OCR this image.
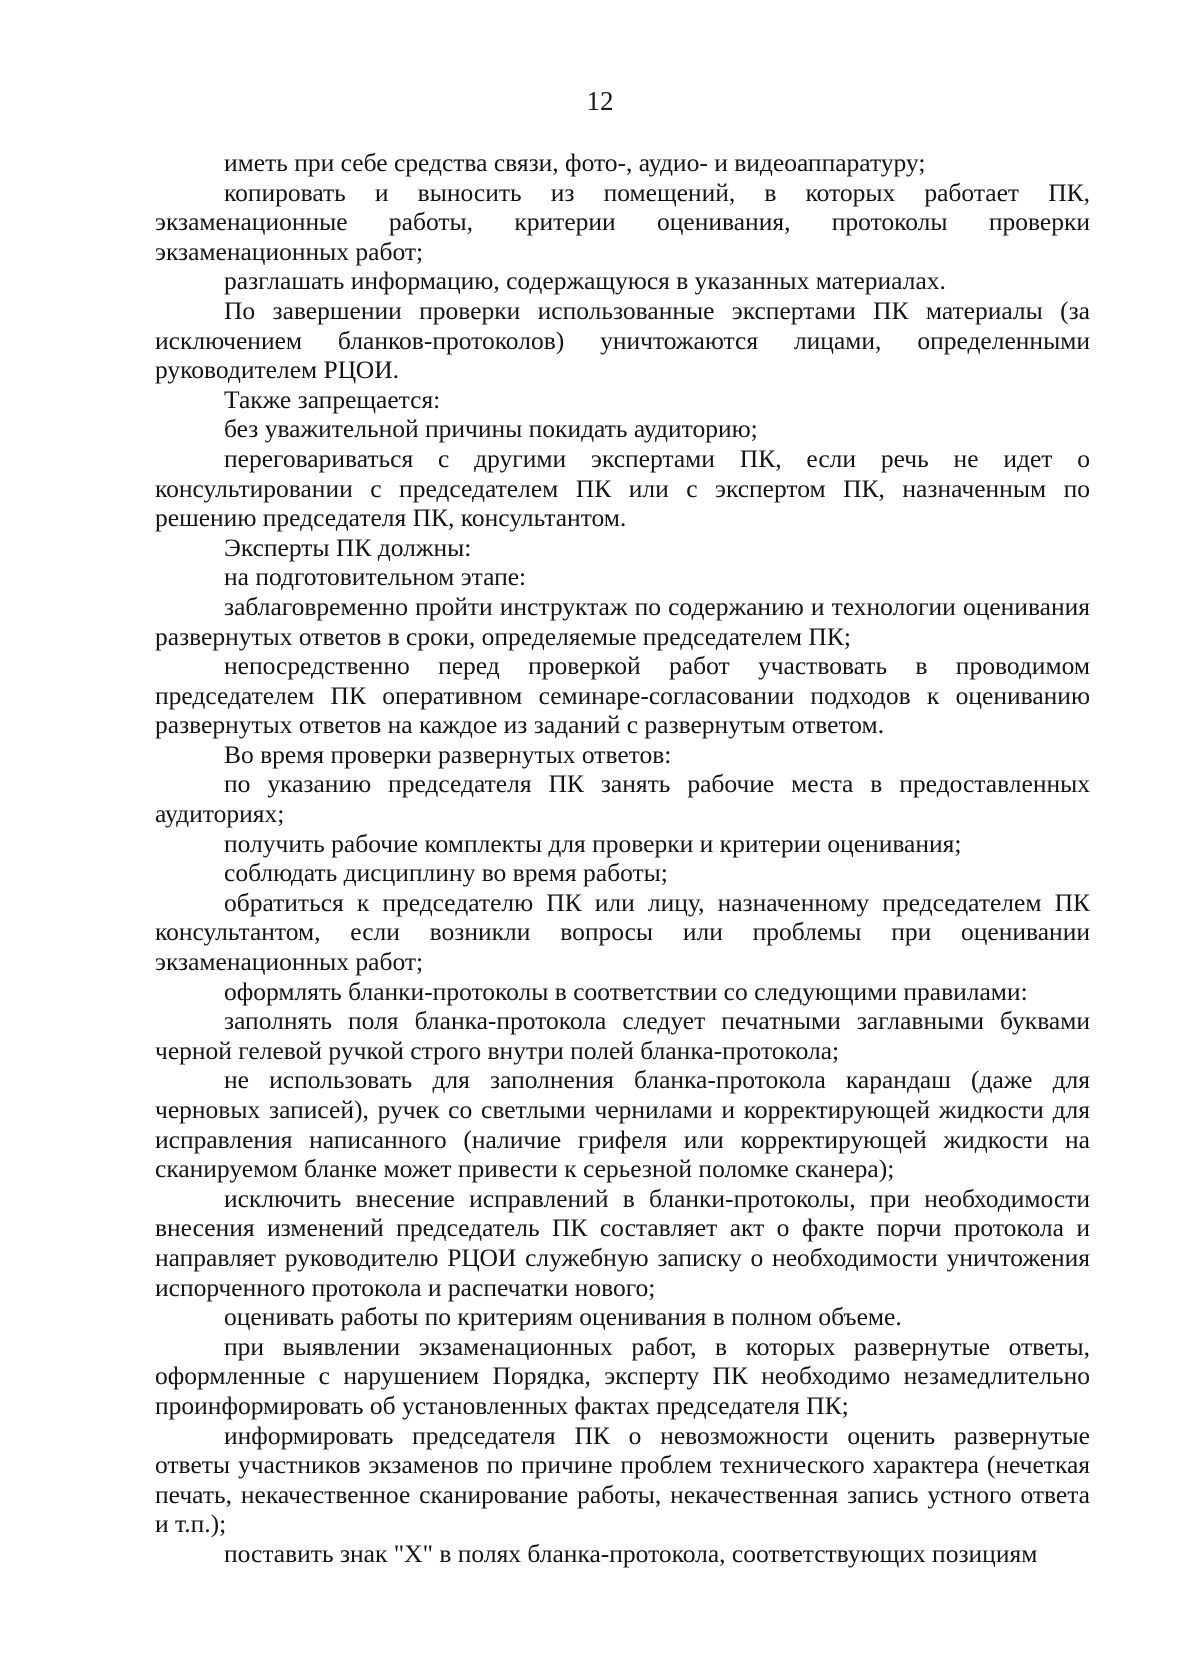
12

иметь при себе средства связи, фото-, аудио- и видеоаппаратуру;

копировать и выносить из помещений, в которых работает ПК, экзаменационные работы, критерии оценивания, протоколы проверки экзаменационных работ;

разглашать информацию, содержащуюся в указанных материалах.

По завершении проверки использованные экспертами ПК материалы (за исключением бланков-протоколов) уничтожаются лицами, определенными руководителем РЦОИ.

Также запрещается:

без уважительной причины покидать аудиторию;

переговариваться с другими экспертами ПК, если речь не идет о консультировании с председателем ПК или с экспертом ПК, назначенным по решению председателя ПК, консультантом.

Эксперты ПК должны:

на подготовительном этапе:

заблаговременно пройти инструктаж по содержанию и технологии оценивания развернутых ответов в сроки, определяемые председателем ПК;

непосредственно перед проверкой работ участвовать в проводимом председателем ПК оперативном семинаре-согласовании подходов к оцениванию развернутых ответов на каждое из заданий с развернутым ответом.

Во время проверки развернутых ответов:

по указанию председателя ПК занять рабочие места в предоставленных аудиториях;

получить рабочие комплекты для проверки и критерии оценивания;

соблюдать дисциплину во время работы;

обратиться к председателю ПК или лицу, назначенному председателем ПК консультантом, если возникли вопросы или проблемы при оценивании экзаменационных работ;

оформлять бланки-протоколы в соответствии со следующими правилами:

заполнять поля бланка-протокола следует печатными заглавными буквами черной гелевой ручкой строго внутри полей бланка-протокола;

не использовать для заполнения бланка-протокола карандаш (даже для черновых записей), ручек со светлыми чернилами и корректирующей жидкости для исправления написанного (наличие грифеля или корректирующей жидкости на сканируемом бланке может привести к серьезной поломке сканера);

исключить внесение исправлений в бланки-протоколы, при необходимости внесения изменений председатель ПК составляет акт о факте порчи протокола и направляет руководителю РЦОИ служебную записку о необходимости уничтожения испорченного протокола и распечатки нового;

оценивать работы по критериям оценивания в полном объеме.

при выявлении экзаменационных работ, в которых развернутые ответы, оформленные с нарушением Порядка, эксперту ПК необходимо незамедлительно проинформировать об установленных фактах председателя ПК;

информировать председателя ПК о невозможности оценить развернутые ответы участников экзаменов по причине проблем технического характера (нечеткая печать, некачественное сканирование работы, некачественная запись устного ответа и т.п.);

поставить знак "Х" в полях бланка-протокола, соответствующих позициям
